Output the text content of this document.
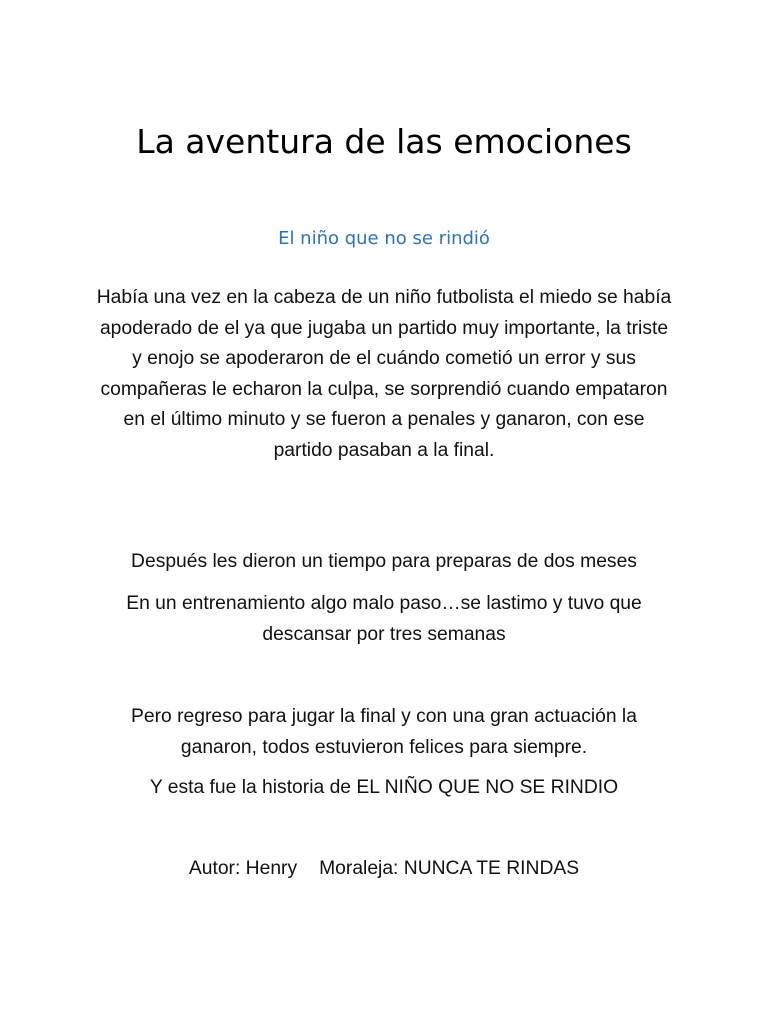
La aventura de las emociones
El niño que no se rindió

Había una vez en la cabeza de un niño futbolista el miedo se había apoderado de el ya que jugaba un partido muy importante, la triste y enojo se apoderaron de el cuándo cometió un error y sus compañeras le echaron la culpa, se sorprendió cuando empataron en el último minuto y se fueron a penales y ganaron, con ese partido pasaban a la final.

Después les dieron un tiempo para preparas de dos meses

En un entrenamiento algo malo paso…se lastimo y tuvo que descansar por tres semanas

Pero regreso para jugar la final y con una gran actuación la ganaron, todos estuvieron felices para siempre.

Y esta fue la historia de EL NIÑO QUE NO SE RINDIO

Autor: Henry Moraleja: NUNCA TE RINDAS
